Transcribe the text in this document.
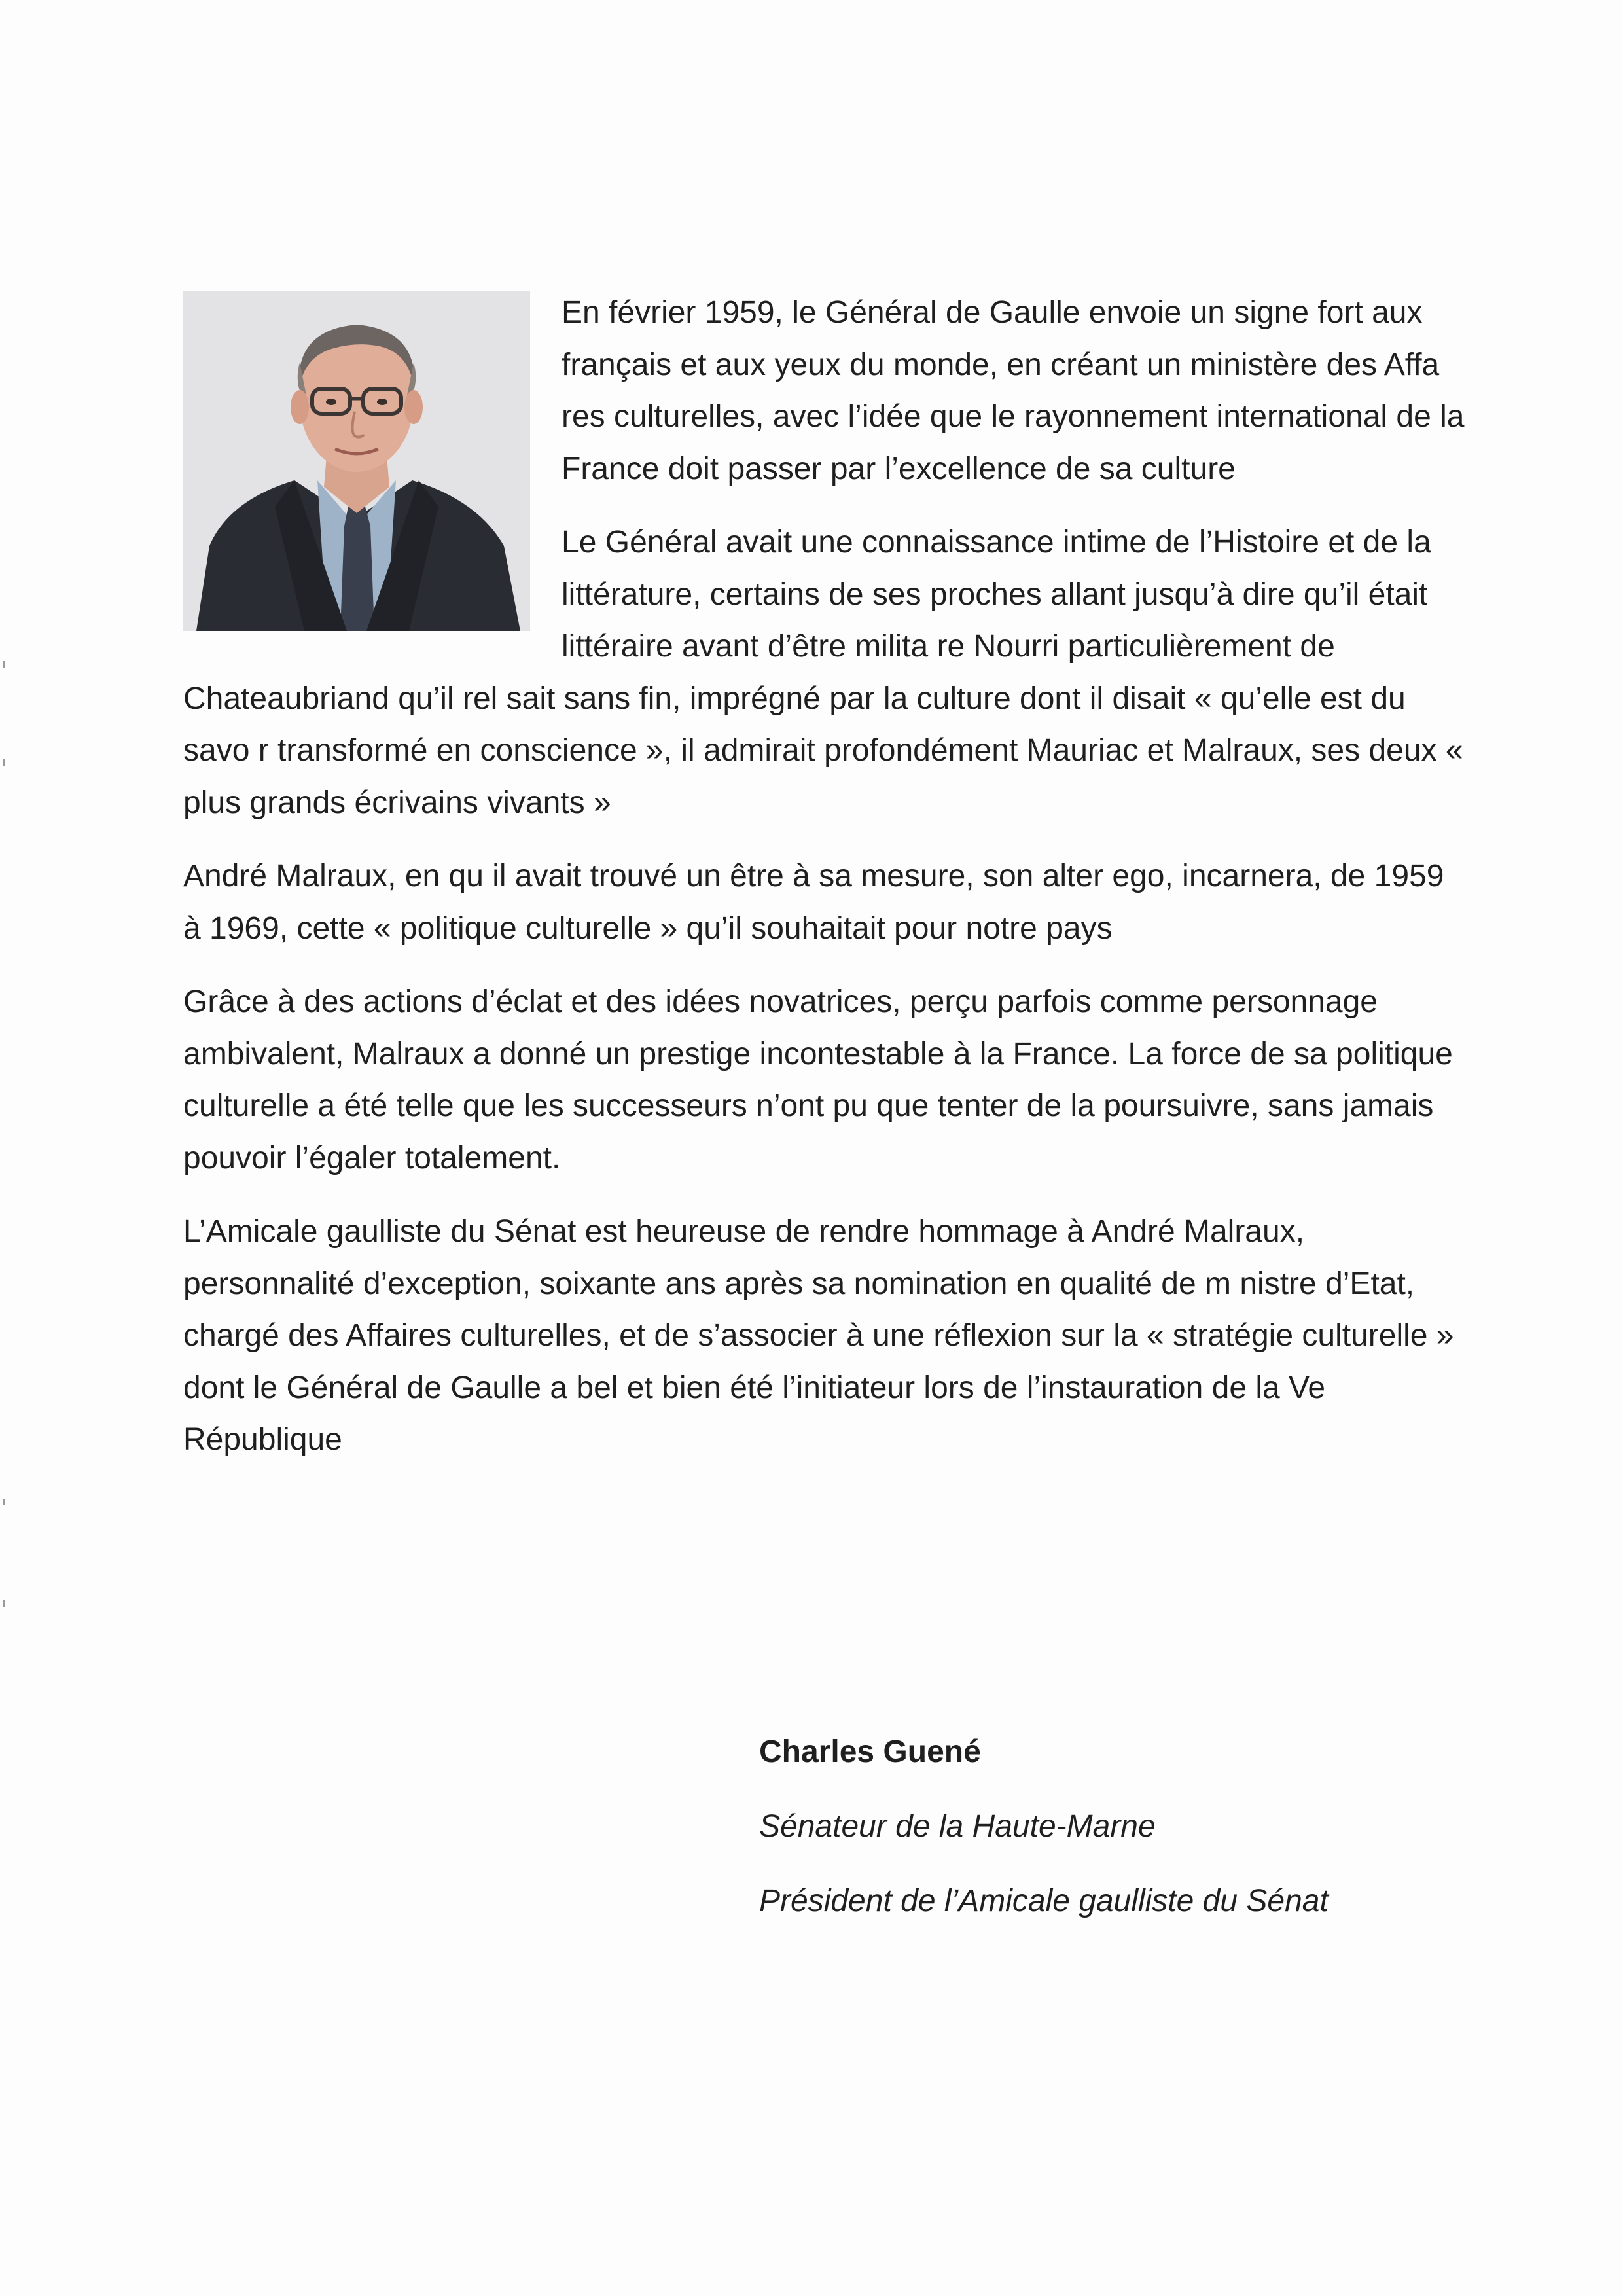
En février 1959, le Général de Gaulle envoie un signe fort aux français et aux yeux du monde, en créant un ministère des Affa res culturelles, avec l’idée que le rayonnement international de la France doit passer par l’excellence de sa culture

Le Général avait une connaissance intime de l’Histoire et de la littérature, certains de ses proches allant jusqu’à dire qu’il était littéraire avant d’être milita re Nourri particulièrement de Chateaubriand qu’il rel sait sans fin, imprégné par la culture dont il disait « qu’elle est du savo r transformé en conscience », il admirait profondément Mauriac et Malraux, ses deux « plus grands écrivains vivants »

André Malraux, en qu il avait trouvé un être à sa mesure, son alter ego, incarnera, de 1959 à 1969, cette « politique culturelle » qu’il souhaitait pour notre pays

Grâce à des actions d’éclat et des idées novatrices, perçu parfois comme personnage ambivalent, Malraux a donné un prestige incontestable à la France. La force de sa politique culturelle a été telle que les successeurs n’ont pu que tenter de la poursuivre, sans jamais pouvoir l’égaler totalement.

L’Amicale gaulliste du Sénat est heureuse de rendre hommage à André Malraux, personnalité d’exception, soixante ans après sa nomination en qualité de m nistre d’Etat, chargé des Affaires culturelles, et de s’associer à une réflexion sur la « stratégie culturelle » dont le Général de Gaulle a bel et bien été l’initiateur lors de l’instauration de la Ve République

Charles Guené

Sénateur de la Haute-Marne

Président de l’Amicale gaulliste du Sénat
